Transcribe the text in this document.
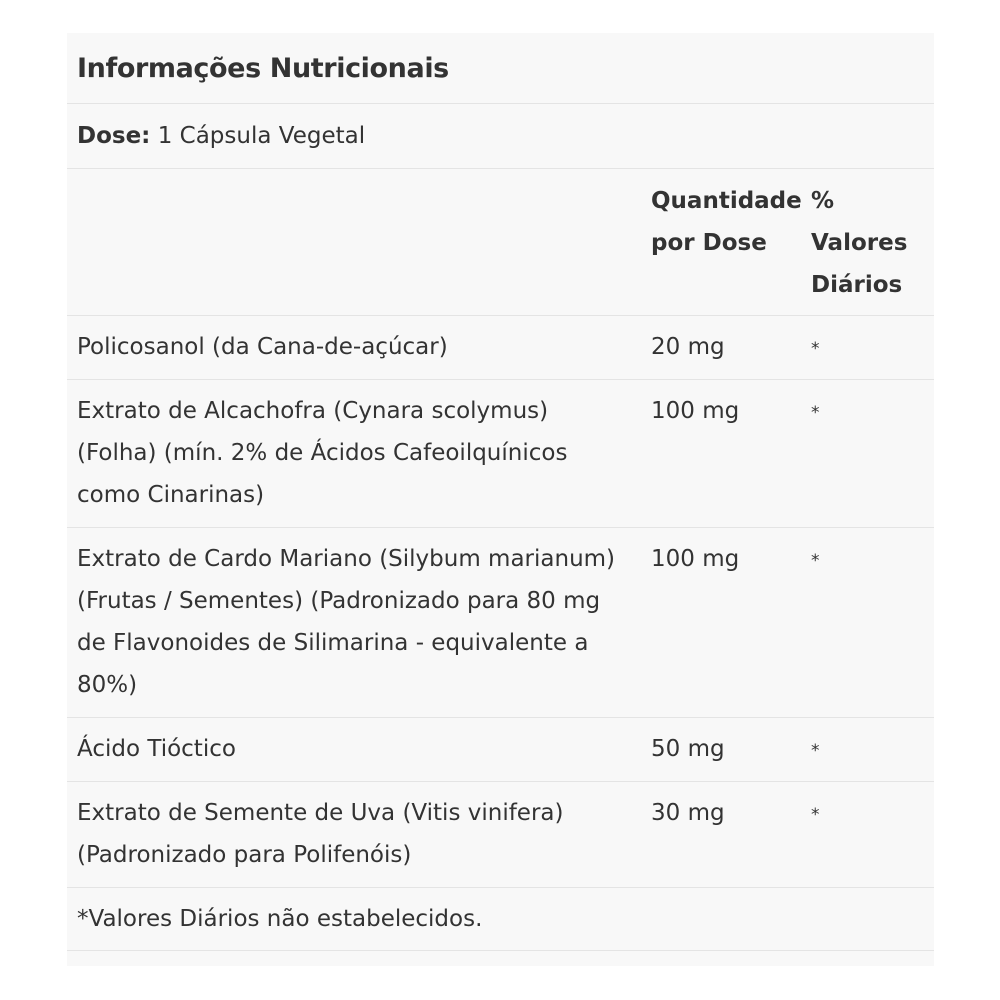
Informações Nutricionais
Dose:
1 Cápsula Vegetal
	Quantidade por Dose	% Valores Diários
Policosanol (da Cana-de-açúcar)	20 mg	*
Extrato de Alcachofra (Cynara scolymus) (Folha) (mín. 2% de Ácidos Cafeoilquínicos como Cinarinas)	100 mg	*
Extrato de Cardo Mariano (Silybum marianum) (Frutas / Sementes) (Padronizado para 80 mg de Flavonoides de Silimarina - equivalente a 80%)	100 mg	*
Ácido Tióctico	50 mg	*
Extrato de Semente de Uva (Vitis vinifera) (Padronizado para Polifenóis)	30 mg	*
*Valores Diários não estabelecidos.
